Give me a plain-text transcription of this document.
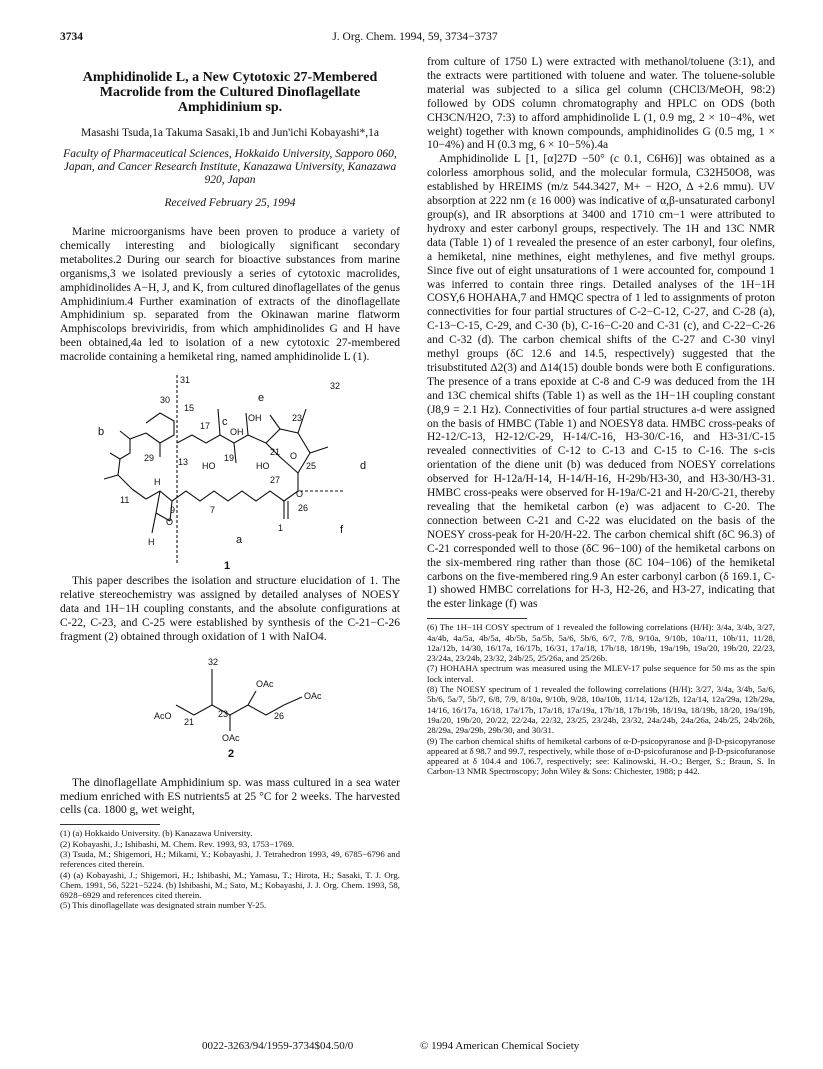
3734	J. Org. Chem. 1994, 59, 3734−3737
Amphidinolide L, a New Cytotoxic 27-Membered Macrolide from the Cultured Dinoflagellate Amphidinium sp.
Masashi Tsuda,1a Takuma Sasaki,1b and Jun'ichi Kobayashi*,1a
Faculty of Pharmaceutical Sciences, Hokkaido University, Sapporo 060, Japan, and Cancer Research Institute, Kanazawa University, Kanazawa 920, Japan
Received February 25, 1994

Marine microorganisms have been proven to produce a variety of chemically interesting and biologically significant secondary metabolites.2 During our search for bioactive substances from marine organisms,3 we isolated previously a series of cytotoxic macrolides, amphidinolides A−H, J, and K, from cultured dinoflagellates of the genus Amphidinium.4 Further examination of extracts of the dinoflagellate Amphidinium sp. separated from the Okinawan marine flatworm Amphiscolops breviviridis, from which amphidinolides G and H have been obtained,4a led to isolation of a new cytotoxic 27-membered macrolide containing a hemiketal ring, named amphidinolide L (1).

31
30
15
17
29	13	19
21
23
25
26
27
11
9	7
1
32
b
c
d
e
f
a
OH
OH
HO	HO
O
O
O
H
H
1

This paper describes the isolation and structure elucidation of 1. The relative stereochemistry was assigned by detailed analyses of NOESY data and 1H−1H coupling constants, and the absolute configurations at C-22, C-23, and C-25 were established by synthesis of the C-21−C-26 fragment (2) obtained through oxidation of 1 with NaIO4.

32
21
23	26
AcO
OAc
OAc
OAc
2

The dinoflagellate Amphidinium sp. was mass cultured in a sea water medium enriched with ES nutrients5 at 25 °C for 2 weeks. The harvested cells (ca. 1800 g, wet weight,

(1) (a) Hokkaido University. (b) Kanazawa University.
(2) Kobayashi, J.; Ishibashi, M. Chem. Rev. 1993, 93, 1753−1769.
(3) Tsuda, M.; Shigemori, H.; Mikami, Y.; Kobayashi, J. Tetrahedron 1993, 49, 6785−6796 and references cited therein.
(4) (a) Kobayashi, J.; Shigemori, H.; Ishibashi, M.; Yamasu, T.; Hirota, H.; Sasaki, T. J. Org. Chem. 1991, 56, 5221−5224. (b) Ishibashi, M.; Sato, M.; Kobayashi, J. J. Org. Chem. 1993, 58, 6928−6929 and references cited therein.
(5) This dinoflagellate was designated strain number Y-25.

from culture of 1750 L) were extracted with methanol/toluene (3:1), and the extracts were partitioned with toluene and water. The toluene-soluble material was subjected to a silica gel column (CHCl3/MeOH, 98:2) followed by ODS column chromatography and HPLC on ODS (both CH3CN/H2O, 7:3) to afford amphidinolide L (1, 0.9 mg, 2 × 10−4%, wet weight) together with known compounds, amphidinolides G (0.5 mg, 1 × 10−4%) and H (0.3 mg, 6 × 10−5%).4a

Amphidinolide L [1, [α]27D −50° (c 0.1, C6H6)] was obtained as a colorless amorphous solid, and the molecular formula, C32H50O8, was established by HREIMS (m/z 544.3427, M+ − H2O, Δ +2.6 mmu). UV absorption at 222 nm (ε 16 000) was indicative of α,β-unsaturated carbonyl group(s), and IR absorptions at 3400 and 1710 cm−1 were attributed to hydroxy and ester carbonyl groups, respectively. The 1H and 13C NMR data (Table 1) of 1 revealed the presence of an ester carbonyl, four olefins, a hemiketal, nine methines, eight methylenes, and five methyl groups. Since five out of eight unsaturations of 1 were accounted for, compound 1 was inferred to contain three rings. Detailed analyses of the 1H−1H COSY,6 HOHAHA,7 and HMQC spectra of 1 led to assignments of proton connectivities for four partial structures of C-2−C-12, C-27, and C-28 (a), C-13−C-15, C-29, and C-30 (b), C-16−C-20 and C-31 (c), and C-22−C-26 and C-32 (d). The carbon chemical shifts of the C-27 and C-30 vinyl methyl groups (δC 12.6 and 14.5, respectively) suggested that the trisubstituted Δ2(3) and Δ14(15) double bonds were both E configurations. The presence of a trans epoxide at C-8 and C-9 was deduced from the 1H and 13C chemical shifts (Table 1) as well as the 1H−1H coupling constant (J8,9 = 2.1 Hz). Connectivities of four partial structures a-d were assigned on the basis of HMBC (Table 1) and NOESY8 data. HMBC cross-peaks of H2-12/C-13, H2-12/C-29, H-14/C-16, H3-30/C-16, and H3-31/C-15 revealed connectivities of C-12 to C-13 and C-15 to C-16. The s-cis orientation of the diene unit (b) was deduced from NOESY correlations observed for H-12a/H-14, H-14/H-16, H-29b/H3-30, and H3-30/H3-31. HMBC cross-peaks were observed for H-19a/C-21 and H-20/C-21, thereby revealing that the hemiketal carbon (e) was adjacent to C-20. The connection between C-21 and C-22 was elucidated on the basis of the NOESY cross-peak for H-20/H-22. The carbon chemical shift (δC 96.3) of C-21 corresponded well to those (δC 96−100) of the hemiketal carbons on the six-membered ring rather than those (δC 104−106) of the hemiketal carbons on the five-membered ring.9 An ester carbonyl carbon (δ 169.1, C-1) showed HMBC correlations for H-3, H2-26, and H3-27, indicating that the ester linkage (f) was

(6) The 1H−1H COSY spectrum of 1 revealed the following correlations (H/H): 3/4a, 3/4b, 3/27, 4a/4b, 4a/5a, 4b/5a, 4b/5b, 5a/5b, 5a/6, 5b/6, 6/7, 7/8, 9/10a, 9/10b, 10a/11, 10b/11, 11/28, 12a/12b, 14/30, 16/17a, 16/17b, 16/31, 17a/18, 17b/18, 18/19b, 19a/19b, 19a/20, 19b/20, 22/23, 23/24a, 23/24b, 23/32, 24b/25, 25/26a, and 25/26b.
(7) HOHAHA spectrum was measured using the MLEV-17 pulse sequence for 50 ms as the spin lock interval.
(8) The NOESY spectrum of 1 revealed the following correlations (H/H): 3/27, 3/4a, 3/4b, 5a/6, 5b/6, 5a/7, 5b/7, 6/8, 7/9, 8/10a, 9/10b, 9/28, 10a/10b, 11/14, 12a/12b, 12a/14, 12a/29a, 12b/29a, 14/16, 16/17a, 16/18, 17a/17b, 17a/18, 17a/19a, 17b/18, 17b/19b, 18/19a, 18/19b, 18/20, 19a/19b, 19a/20, 19b/20, 20/22, 22/24a, 22/32, 23/25, 23/24b, 23/32, 24a/24b, 24a/26a, 24b/25, 24b/26b, 28/29a, 29a/29b, 29b/30, and 30/31.
(9) The carbon chemical shifts of hemiketal carbons of α-D-psicopyranose and β-D-psicopyranose appeared at δ 98.7 and 99.7, respectively, while those of α-D-psicofuranose and β-D-psicofuranose appeared at δ 104.4 and 106.7, respectively; see: Kalinowski, H.-O.; Berger, S.; Braun, S. In Carbon-13 NMR Spectroscopy; John Wiley & Sons: Chichester, 1988; p 442.
0022-3263/94/1959-3734$04.50/0	© 1994 American Chemical Society
